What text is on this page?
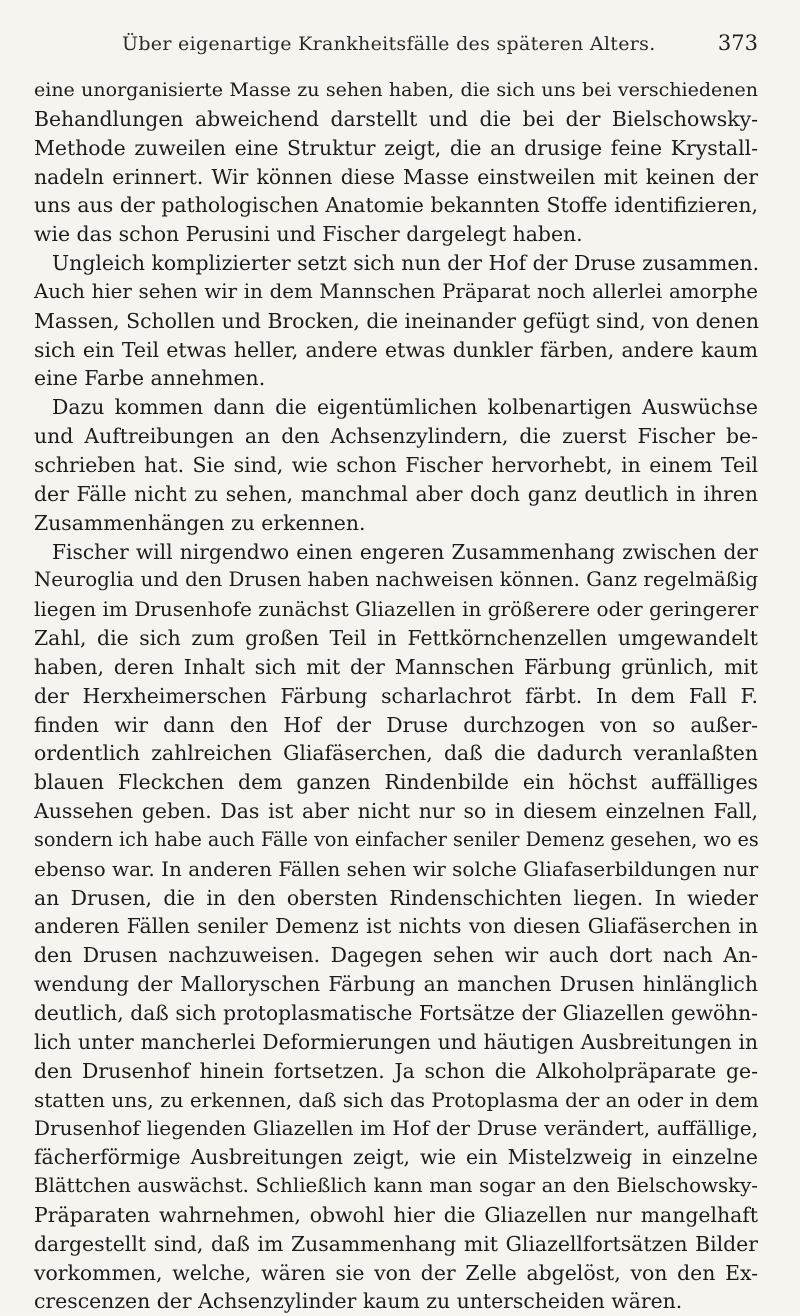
Über eigenartige Krankheitsfälle des späteren Alters.	373
eine unorganisierte Masse zu sehen haben, die sich uns bei verschiedenen
Behandlungen abweichend darstellt und die bei der Bielschowsky-
Methode zuweilen eine Struktur zeigt, die an drusige feine Krystall-
nadeln erinnert. Wir können diese Masse einstweilen mit keinen der
uns aus der pathologischen Anatomie bekannten Stoffe identifizieren,
wie das schon Perusini und Fischer dargelegt haben.
Ungleich komplizierter setzt sich nun der Hof der Druse zusammen.
Auch hier sehen wir in dem Mannschen Präparat noch allerlei amorphe
Massen, Schollen und Brocken, die ineinander gefügt sind, von denen
sich ein Teil etwas heller, andere etwas dunkler färben, andere kaum
eine Farbe annehmen.
Dazu kommen dann die eigentümlichen kolbenartigen Auswüchse
und Auftreibungen an den Achsenzylindern, die zuerst Fischer be-
schrieben hat. Sie sind, wie schon Fischer hervorhebt, in einem Teil
der Fälle nicht zu sehen, manchmal aber doch ganz deutlich in ihren
Zusammenhängen zu erkennen.
Fischer will nirgendwo einen engeren Zusammenhang zwischen der
Neuroglia und den Drusen haben nachweisen können. Ganz regelmäßig
liegen im Drusenhofe zunächst Gliazellen in größerere oder geringerer
Zahl, die sich zum großen Teil in Fettkörnchenzellen umgewandelt
haben, deren Inhalt sich mit der Mannschen Färbung grünlich, mit
der Herxheimerschen Färbung scharlachrot färbt. In dem Fall F.
finden wir dann den Hof der Druse durchzogen von so außer-
ordentlich zahlreichen Gliafäserchen, daß die dadurch veranlaßten
blauen Fleckchen dem ganzen Rindenbilde ein höchst auffälliges
Aussehen geben. Das ist aber nicht nur so in diesem einzelnen Fall,
sondern ich habe auch Fälle von einfacher seniler Demenz gesehen, wo es
ebenso war. In anderen Fällen sehen wir solche Gliafaserbildungen nur
an Drusen, die in den obersten Rindenschichten liegen. In wieder
anderen Fällen seniler Demenz ist nichts von diesen Gliafäserchen in
den Drusen nachzuweisen. Dagegen sehen wir auch dort nach An-
wendung der Malloryschen Färbung an manchen Drusen hinlänglich
deutlich, daß sich protoplasmatische Fortsätze der Gliazellen gewöhn-
lich unter mancherlei Deformierungen und häutigen Ausbreitungen in
den Drusenhof hinein fortsetzen. Ja schon die Alkoholpräparate ge-
statten uns, zu erkennen, daß sich das Protoplasma der an oder in dem
Drusenhof liegenden Gliazellen im Hof der Druse verändert, auffällige,
fächerförmige Ausbreitungen zeigt, wie ein Mistelzweig in einzelne
Blättchen auswächst. Schließlich kann man sogar an den Bielschowsky-
Präparaten wahrnehmen, obwohl hier die Gliazellen nur mangelhaft
dargestellt sind, daß im Zusammenhang mit Gliazellfortsätzen Bilder
vorkommen, welche, wären sie von der Zelle abgelöst, von den Ex-
crescenzen der Achsenzylinder kaum zu unterscheiden wären.
